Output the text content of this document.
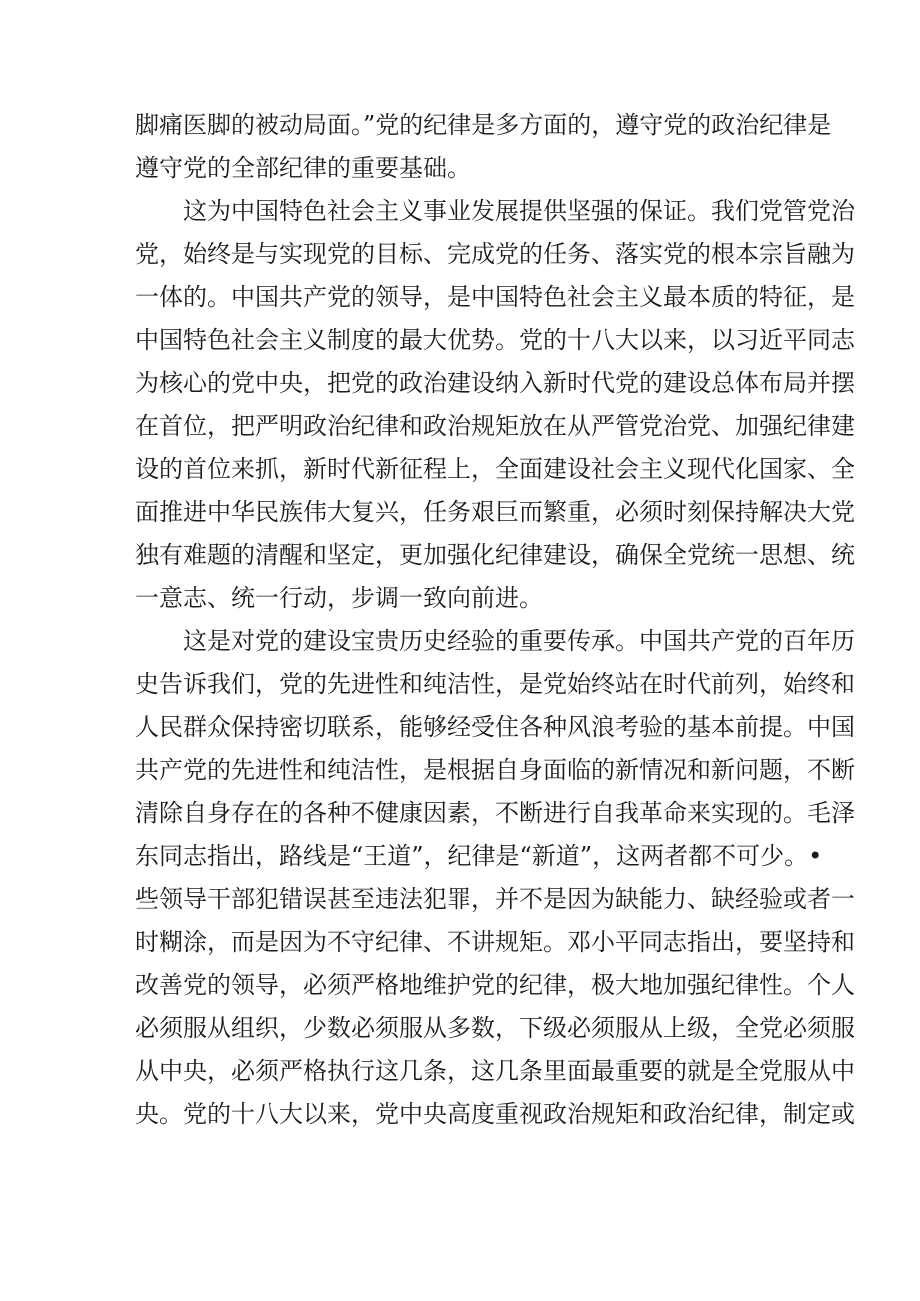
脚痛医脚的被动局面。”党的纪律是多方面的，遵守党的政治纪律是
遵守党的全部纪律的重要基础。
这为中国特色社会主义事业发展提供坚强的保证。我们党管党治
党，始终是与实现党的目标、完成党的任务、落实党的根本宗旨融为
一体的。中国共产党的领导，是中国特色社会主义最本质的特征，是
中国特色社会主义制度的最大优势。党的十八大以来，以习近平同志
为核心的党中央，把党的政治建设纳入新时代党的建设总体布局并摆
在首位，把严明政治纪律和政治规矩放在从严管党治党、加强纪律建
设的首位来抓，新时代新征程上，全面建设社会主义现代化国家、全
面推进中华民族伟大复兴，任务艰巨而繁重，必须时刻保持解决大党
独有难题的清醒和坚定，更加强化纪律建设，确保全党统一思想、统
一意志、统一行动，步调一致向前进。
这是对党的建设宝贵历史经验的重要传承。中国共产党的百年历
史告诉我们，党的先进性和纯洁性，是党始终站在时代前列，始终和
人民群众保持密切联系，能够经受住各种风浪考验的基本前提。中国
共产党的先进性和纯洁性，是根据自身面临的新情况和新问题，不断
清除自身存在的各种不健康因素，不断进行自我革命来实现的。毛泽
东同志指出，路线是“王道”，纪律是“新道”，这两者都不可少。•
些领导干部犯错误甚至违法犯罪，并不是因为缺能力、缺经验或者一
时糊涂，而是因为不守纪律、不讲规矩。邓小平同志指出，要坚持和
改善党的领导，必须严格地维护党的纪律，极大地加强纪律性。个人
必须服从组织，少数必须服从多数，下级必须服从上级，全党必须服
从中央，必须严格执行这几条，这几条里面最重要的就是全党服从中
央。党的十八大以来，党中央高度重视政治规矩和政治纪律，制定或
